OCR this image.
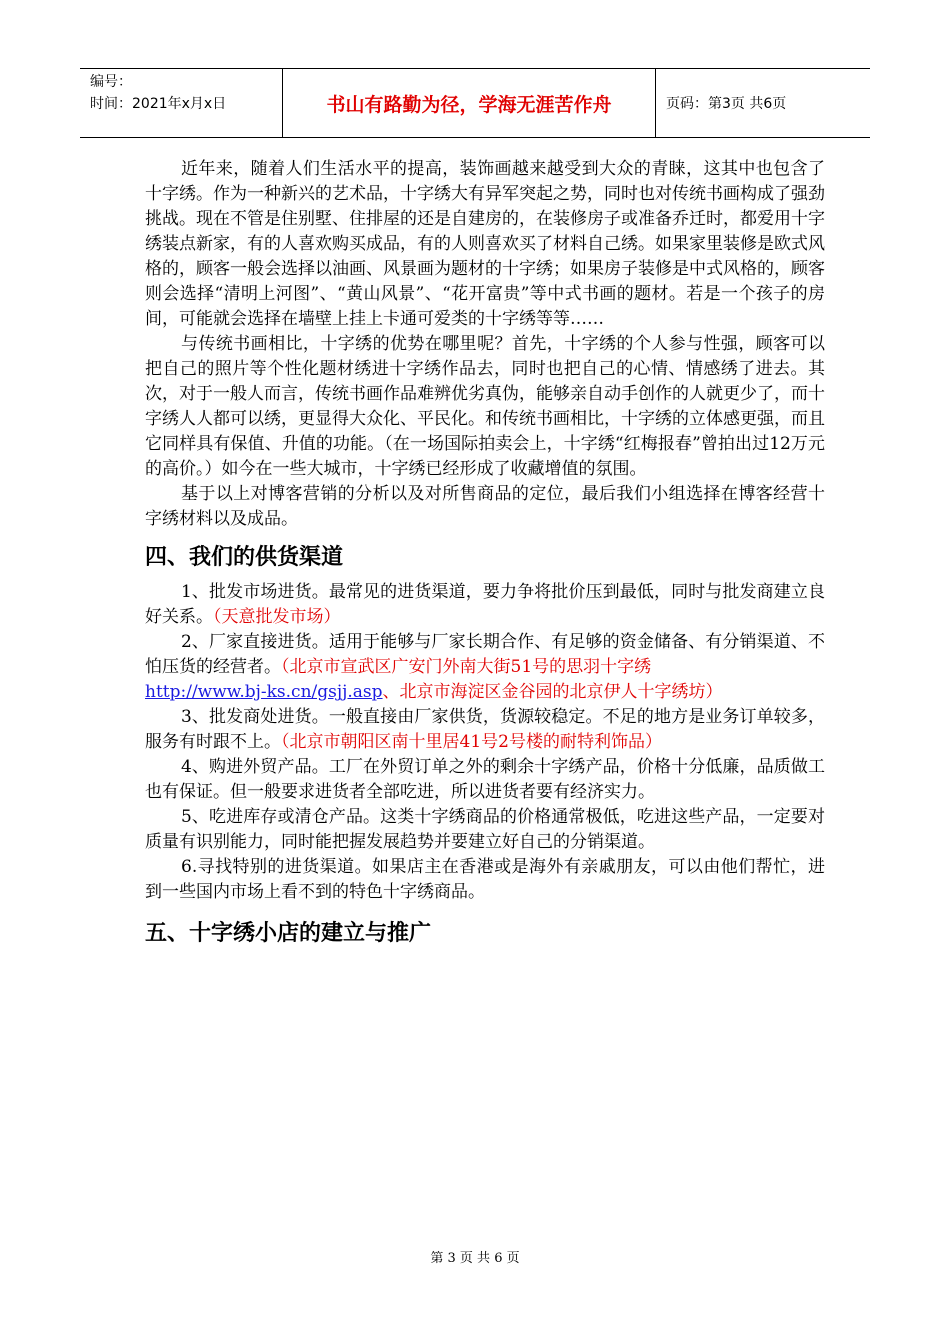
编号：
时间：2021年x月x日	书山有路勤为径，学海无涯苦作舟	页码：第3页 共6页

近年来，随着人们生活水平的提高，装饰画越来越受到大众的青睐，这其中也包含了十字绣。作为一种新兴的艺术品，十字绣大有异军突起之势，同时也对传统书画构成了强劲挑战。现在不管是住别墅、住排屋的还是自建房的，在装修房子或准备乔迁时，都爱用十字绣装点新家，有的人喜欢购买成品，有的人则喜欢买了材料自己绣。如果家里装修是欧式风格的，顾客一般会选择以油画、风景画为题材的十字绣；如果房子装修是中式风格的，顾客则会选择“清明上河图”、“黄山风景”、“花开富贵”等中式书画的题材。若是一个孩子的房间，可能就会选择在墙壁上挂上卡通可爱类的十字绣等等……

与传统书画相比，十字绣的优势在哪里呢？首先，十字绣的个人参与性强，顾客可以把自己的照片等个性化题材绣进十字绣作品去，同时也把自己的心情、情感绣了进去。其次，对于一般人而言，传统书画作品难辨优劣真伪，能够亲自动手创作的人就更少了，而十字绣人人都可以绣，更显得大众化、平民化。和传统书画相比，十字绣的立体感更强，而且它同样具有保值、升值的功能。（在一场国际拍卖会上，十字绣“红梅报春”曾拍出过12万元的高价。）如今在一些大城市，十字绣已经形成了收藏增值的氛围。

基于以上对博客营销的分析以及对所售商品的定位，最后我们小组选择在博客经营十字绣材料以及成品。

四、我们的供货渠道

1、批发市场进货。最常见的进货渠道，要力争将批价压到最低，同时与批发商建立良好关系。（天意批发市场）

2、厂家直接进货。适用于能够与厂家长期合作、有足够的资金储备、有分销渠道、不怕压货的经营者。（北京市宣武区广安门外南大街51号的思羽十字绣

http://www.bj-ks.cn/gsjj.asp、北京市海淀区金谷园的北京伊人十字绣坊）

3、批发商处进货。一般直接由厂家供货，货源较稳定。不足的地方是业务订单较多，服务有时跟不上。（北京市朝阳区南十里居41号2号楼的耐特利饰品）

4、购进外贸产品。工厂在外贸订单之外的剩余十字绣产品，价格十分低廉，品质做工也有保证。但一般要求进货者全部吃进，所以进货者要有经济实力。

5、吃进库存或清仓产品。这类十字绣商品的价格通常极低，吃进这些产品，一定要对质量有识别能力，同时能把握发展趋势并要建立好自己的分销渠道。

6.寻找特别的进货渠道。如果店主在香港或是海外有亲戚朋友，可以由他们帮忙，进到一些国内市场上看不到的特色十字绣商品。

五、十字绣小店的建立与推广
第 3 页 共 6 页
